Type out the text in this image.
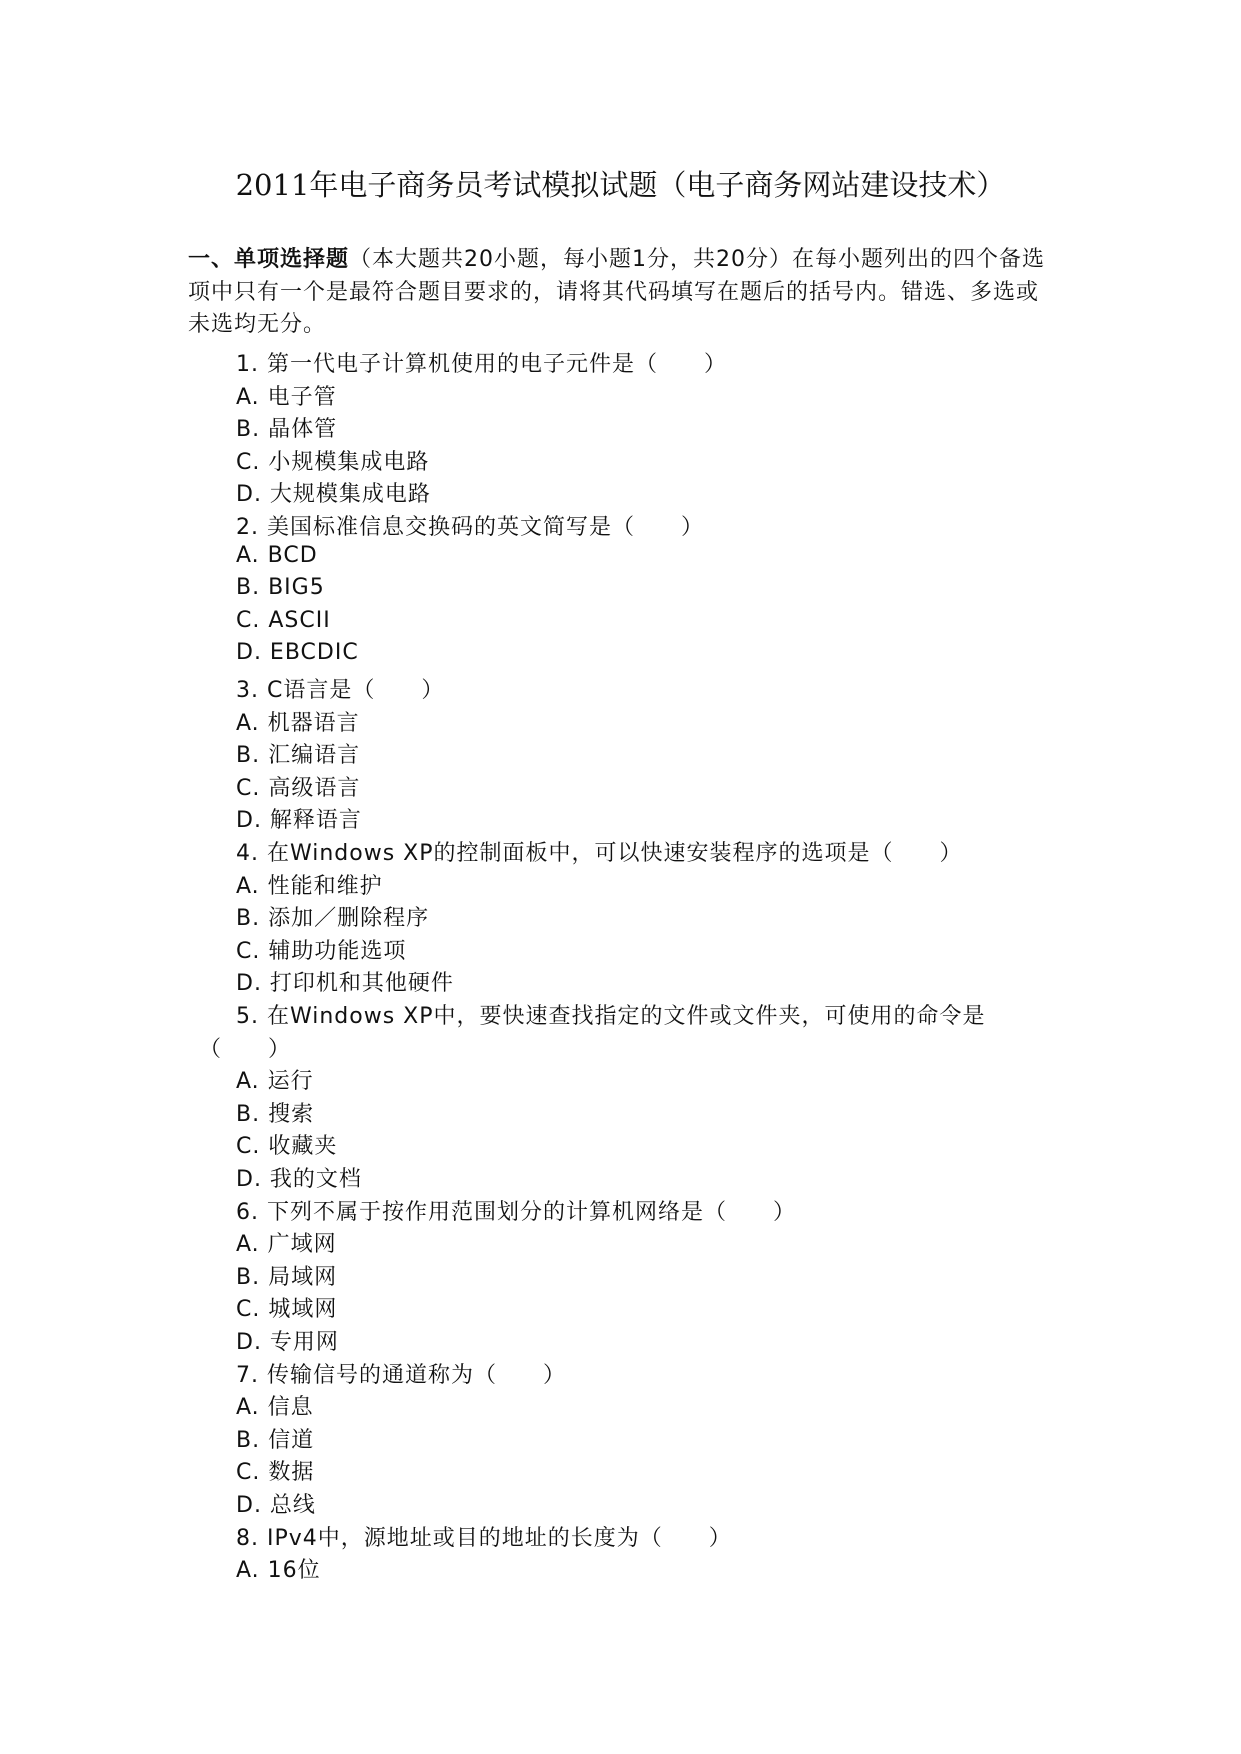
2011年电子商务员考试模拟试题（电子商务网站建设技术）
一、单项选择题（本大题共20小题，每小题1分，共20分）在每小题列出的四个备选项中只有一个是最符合题目要求的，请将其代码填写在题后的括号内。错选、多选或未选均无分。
1. 第一代电子计算机使用的电子元件是（　　）
A. 电子管
B. 晶体管
C. 小规模集成电路
D. 大规模集成电路
2. 美国标准信息交换码的英文简写是（　　）
A. BCD
B. BIG5
C. ASCII
D. EBCDIC
3. C语言是（　　）
A. 机器语言
B. 汇编语言
C. 高级语言
D. 解释语言
4. 在Windows XP的控制面板中，可以快速安装程序的选项是（　　）
A. 性能和维护
B. 添加／删除程序
C. 辅助功能选项
D. 打印机和其他硬件
5. 在Windows XP中，要快速查找指定的文件或文件夹，可使用的命令是
（　　）
A. 运行
B. 搜索
C. 收藏夹
D. 我的文档
6. 下列不属于按作用范围划分的计算机网络是（　　）
A. 广域网
B. 局域网
C. 城域网
D. 专用网
7. 传输信号的通道称为（　　）
A. 信息
B. 信道
C. 数据
D. 总线
8. IPv4中，源地址或目的地址的长度为（　　）
A. 16位
